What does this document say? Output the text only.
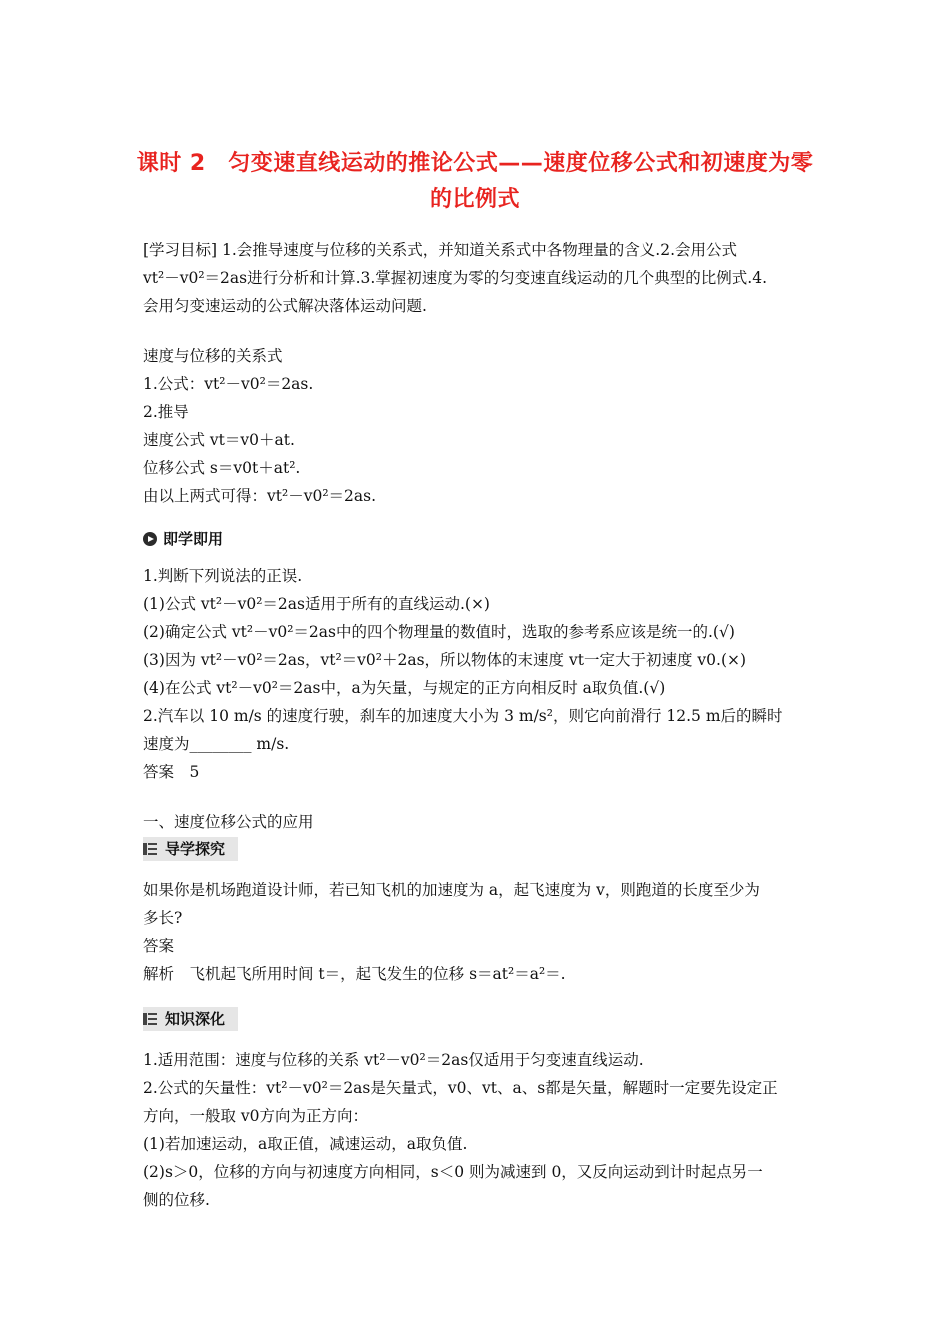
课时 2　匀变速直线运动的推论公式——速度位移公式和初速度为零
的比例式
[学习目标] 1.会推导速度与位移的关系式，并知道关系式中各物理量的含义.2.会用公式
vt²－v0²＝2as进行分析和计算.3.掌握初速度为零的匀变速直线运动的几个典型的比例式.4.
会用匀变速运动的公式解决落体运动问题.
速度与位移的关系式
1.公式：vt²－v0²＝2as.
2.推导
速度公式 vt＝v0＋at.
位移公式 s＝v0t＋at².
由以上两式可得：vt²－v0²＝2as.
即学即用
1.判断下列说法的正误.
(1)公式 vt²－v0²＝2as适用于所有的直线运动.(×)
(2)确定公式 vt²－v0²＝2as中的四个物理量的数值时，选取的参考系应该是统一的.(√)
(3)因为 vt²－v0²＝2as，vt²＝v0²＋2as，所以物体的末速度 vt一定大于初速度 v0.(×)
(4)在公式 vt²－v0²＝2as中，a为矢量，与规定的正方向相反时 a取负值.(√)
2.汽车以 10 m/s 的速度行驶，刹车的加速度大小为 3 m/s²，则它向前滑行 12.5 m后的瞬时
速度为________ m/s.
答案　5
一、速度位移公式的应用
导学探究
如果你是机场跑道设计师，若已知飞机的加速度为 a，起飞速度为 v，则跑道的长度至少为
多长?
答案
解析　飞机起飞所用时间 t＝，起飞发生的位移 s＝at²＝a²＝.
知识深化
1.适用范围：速度与位移的关系 vt²－v0²＝2as仅适用于匀变速直线运动.
2.公式的矢量性：vt²－v0²＝2as是矢量式，v0、vt、a、s都是矢量，解题时一定要先设定正
方向，一般取 v0方向为正方向：
(1)若加速运动，a取正值，减速运动，a取负值.
(2)s＞0，位移的方向与初速度方向相同，s＜0 则为减速到 0，又反向运动到计时起点另一
侧的位移.
